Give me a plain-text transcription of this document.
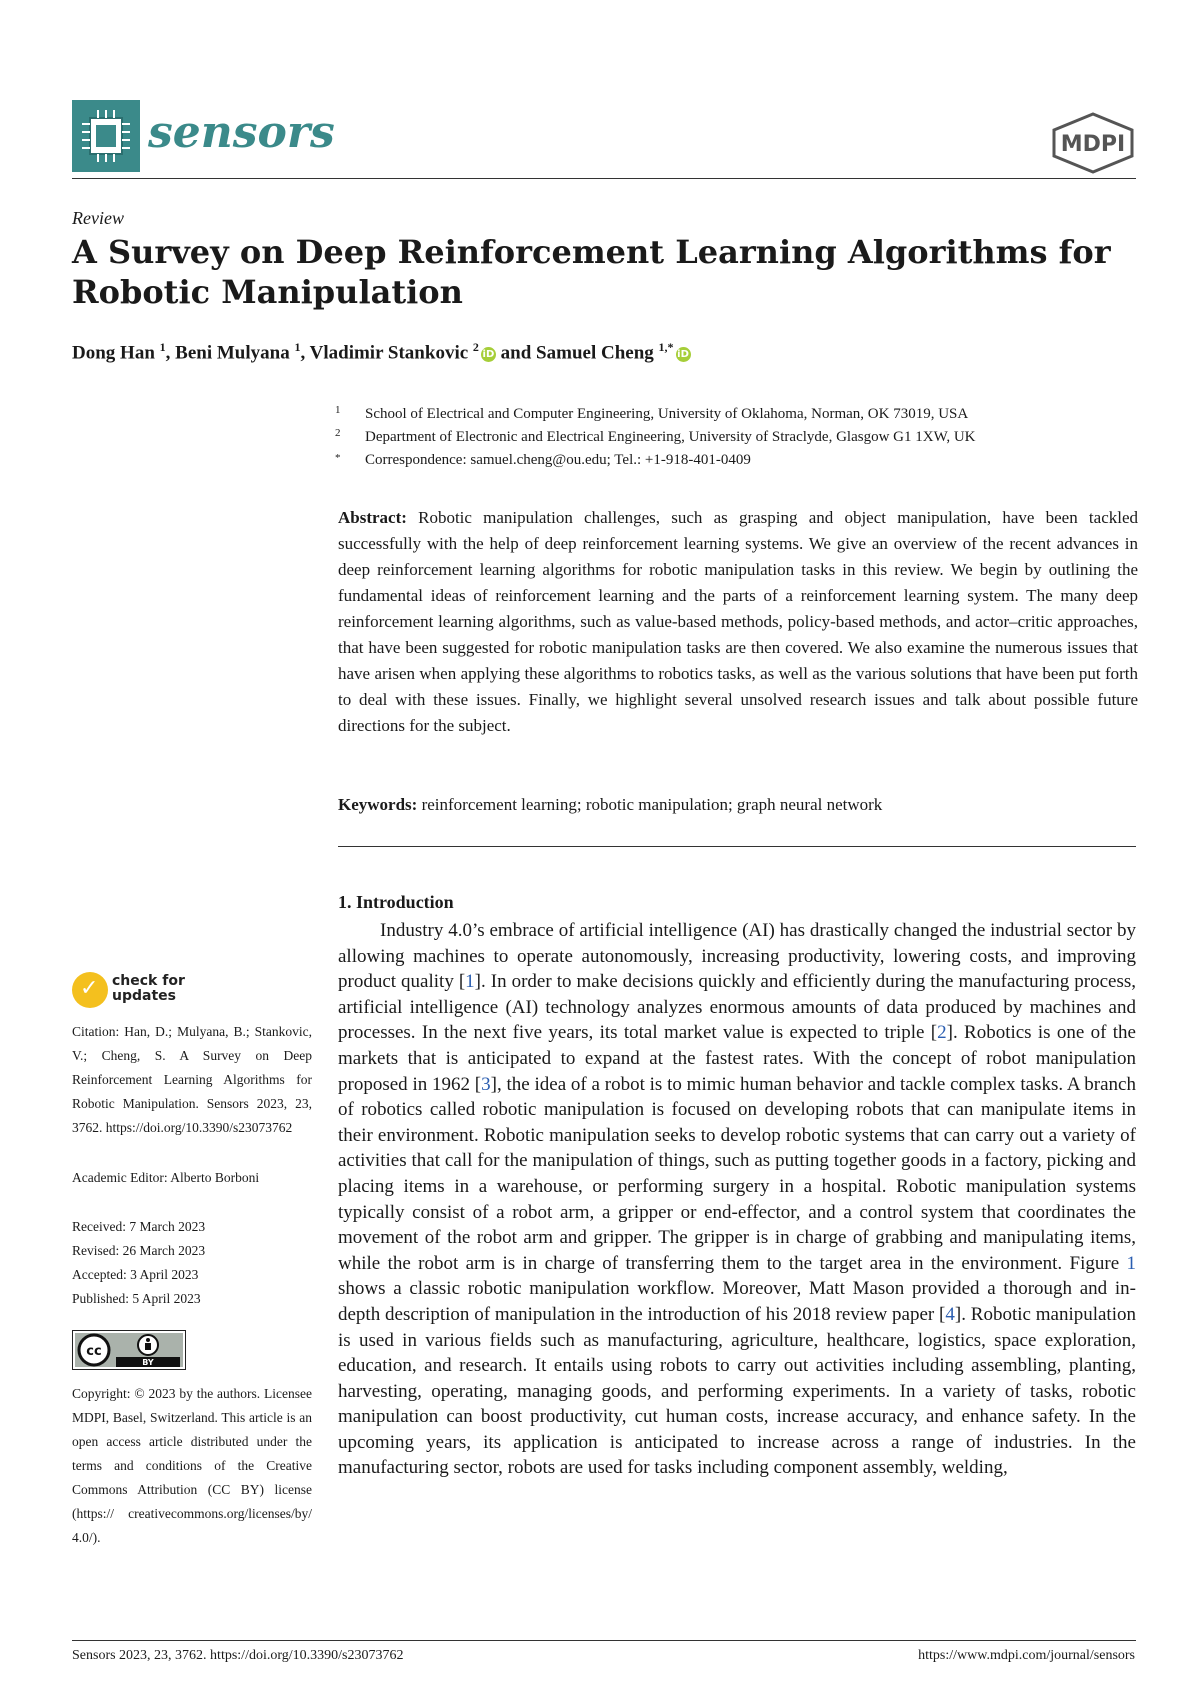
sensors	MDPI
Review
A Survey on Deep Reinforcement Learning Algorithms for Robotic Manipulation
Dong Han $^1$, Beni Mulyana $^1$, Vladimir Stankovic $^2$iD and Samuel Cheng $^{1,*}$iD
1 School of Electrical and Computer Engineering, University of Oklahoma, Norman, OK 73019, USA
2 Department of Electronic and Electrical Engineering, University of Straclyde, Glasgow G1 1XW, UK
* Correspondence: samuel.cheng@ou.edu; Tel.: +1-918-401-0409
Abstract: Robotic manipulation challenges, such as grasping and object manipulation, have been tackled successfully with the help of deep reinforcement learning systems. We give an overview of the recent advances in deep reinforcement learning algorithms for robotic manipulation tasks in this review. We begin by outlining the fundamental ideas of reinforcement learning and the parts of a reinforcement learning system. The many deep reinforcement learning algorithms, such as value-based methods, policy-based methods, and actor–critic approaches, that have been suggested for robotic manipulation tasks are then covered. We also examine the numerous issues that have arisen when applying these algorithms to robotics tasks, as well as the various solutions that have been put forth to deal with these issues. Finally, we highlight several unsolved research issues and talk about possible future directions for the subject.
Keywords: reinforcement learning; robotic manipulation; graph neural network
1. Introduction
Industry 4.0’s embrace of artificial intelligence (AI) has drastically changed the industrial sector by allowing machines to operate autonomously, increasing productivity, lowering costs, and improving product quality [1]. In order to make decisions quickly and efficiently during the manufacturing process, artificial intelligence (AI) technology analyzes enormous amounts of data produced by machines and processes. In the next five years, its total market value is expected to triple [2]. Robotics is one of the markets that is anticipated to expand at the fastest rates. With the concept of robot manipulation proposed in 1962 [3], the idea of a robot is to mimic human behavior and tackle complex tasks. A branch of robotics called robotic manipulation is focused on developing robots that can manipulate items in their environment. Robotic manipulation seeks to develop robotic systems that can carry out a variety of activities that call for the manipulation of things, such as putting together goods in a factory, picking and placing items in a warehouse, or performing surgery in a hospital. Robotic manipulation systems typically consist of a robot arm, a gripper or end-effector, and a control system that coordinates the movement of the robot arm and gripper. The gripper is in charge of grabbing and manipulating items, while the robot arm is in charge of transferring them to the target area in the environment. Figure 1 shows a classic robotic manipulation workflow. Moreover, Matt Mason provided a thorough and in-depth description of manipulation in the introduction of his 2018 review paper [4]. Robotic manipulation is used in various fields such as manufacturing, agriculture, healthcare, logistics, space exploration, education, and research. It entails using robots to carry out activities including assembling, planting, harvesting, operating, managing goods, and performing experiments. In a variety of tasks, robotic manipulation can boost productivity, cut human costs, increase accuracy, and enhance safety. In the upcoming years, its application is anticipated to increase across a range of industries. In the manufacturing sector, robots are used for tasks including component assembly, welding,
✓ check for
updates
Citation: Han, D.; Mulyana, B.; Stankovic, V.; Cheng, S. A Survey on Deep Reinforcement Learning Algorithms for Robotic Manipulation. Sensors 2023, 23, 3762. https://doi.org/10.3390/s23073762
Academic Editor: Alberto Borboni
Received: 7 March 2023
Revised: 26 March 2023
Accepted: 3 April 2023
Published: 5 April 2023
cc
BY
Copyright: © 2023 by the authors. Licensee MDPI, Basel, Switzerland. This article is an open access article distributed under the terms and conditions of the Creative Commons Attribution (CC BY) license (https:// creativecommons.org/licenses/by/ 4.0/).
Sensors 2023, 23, 3762. https://doi.org/10.3390/s23073762	https://www.mdpi.com/journal/sensors
